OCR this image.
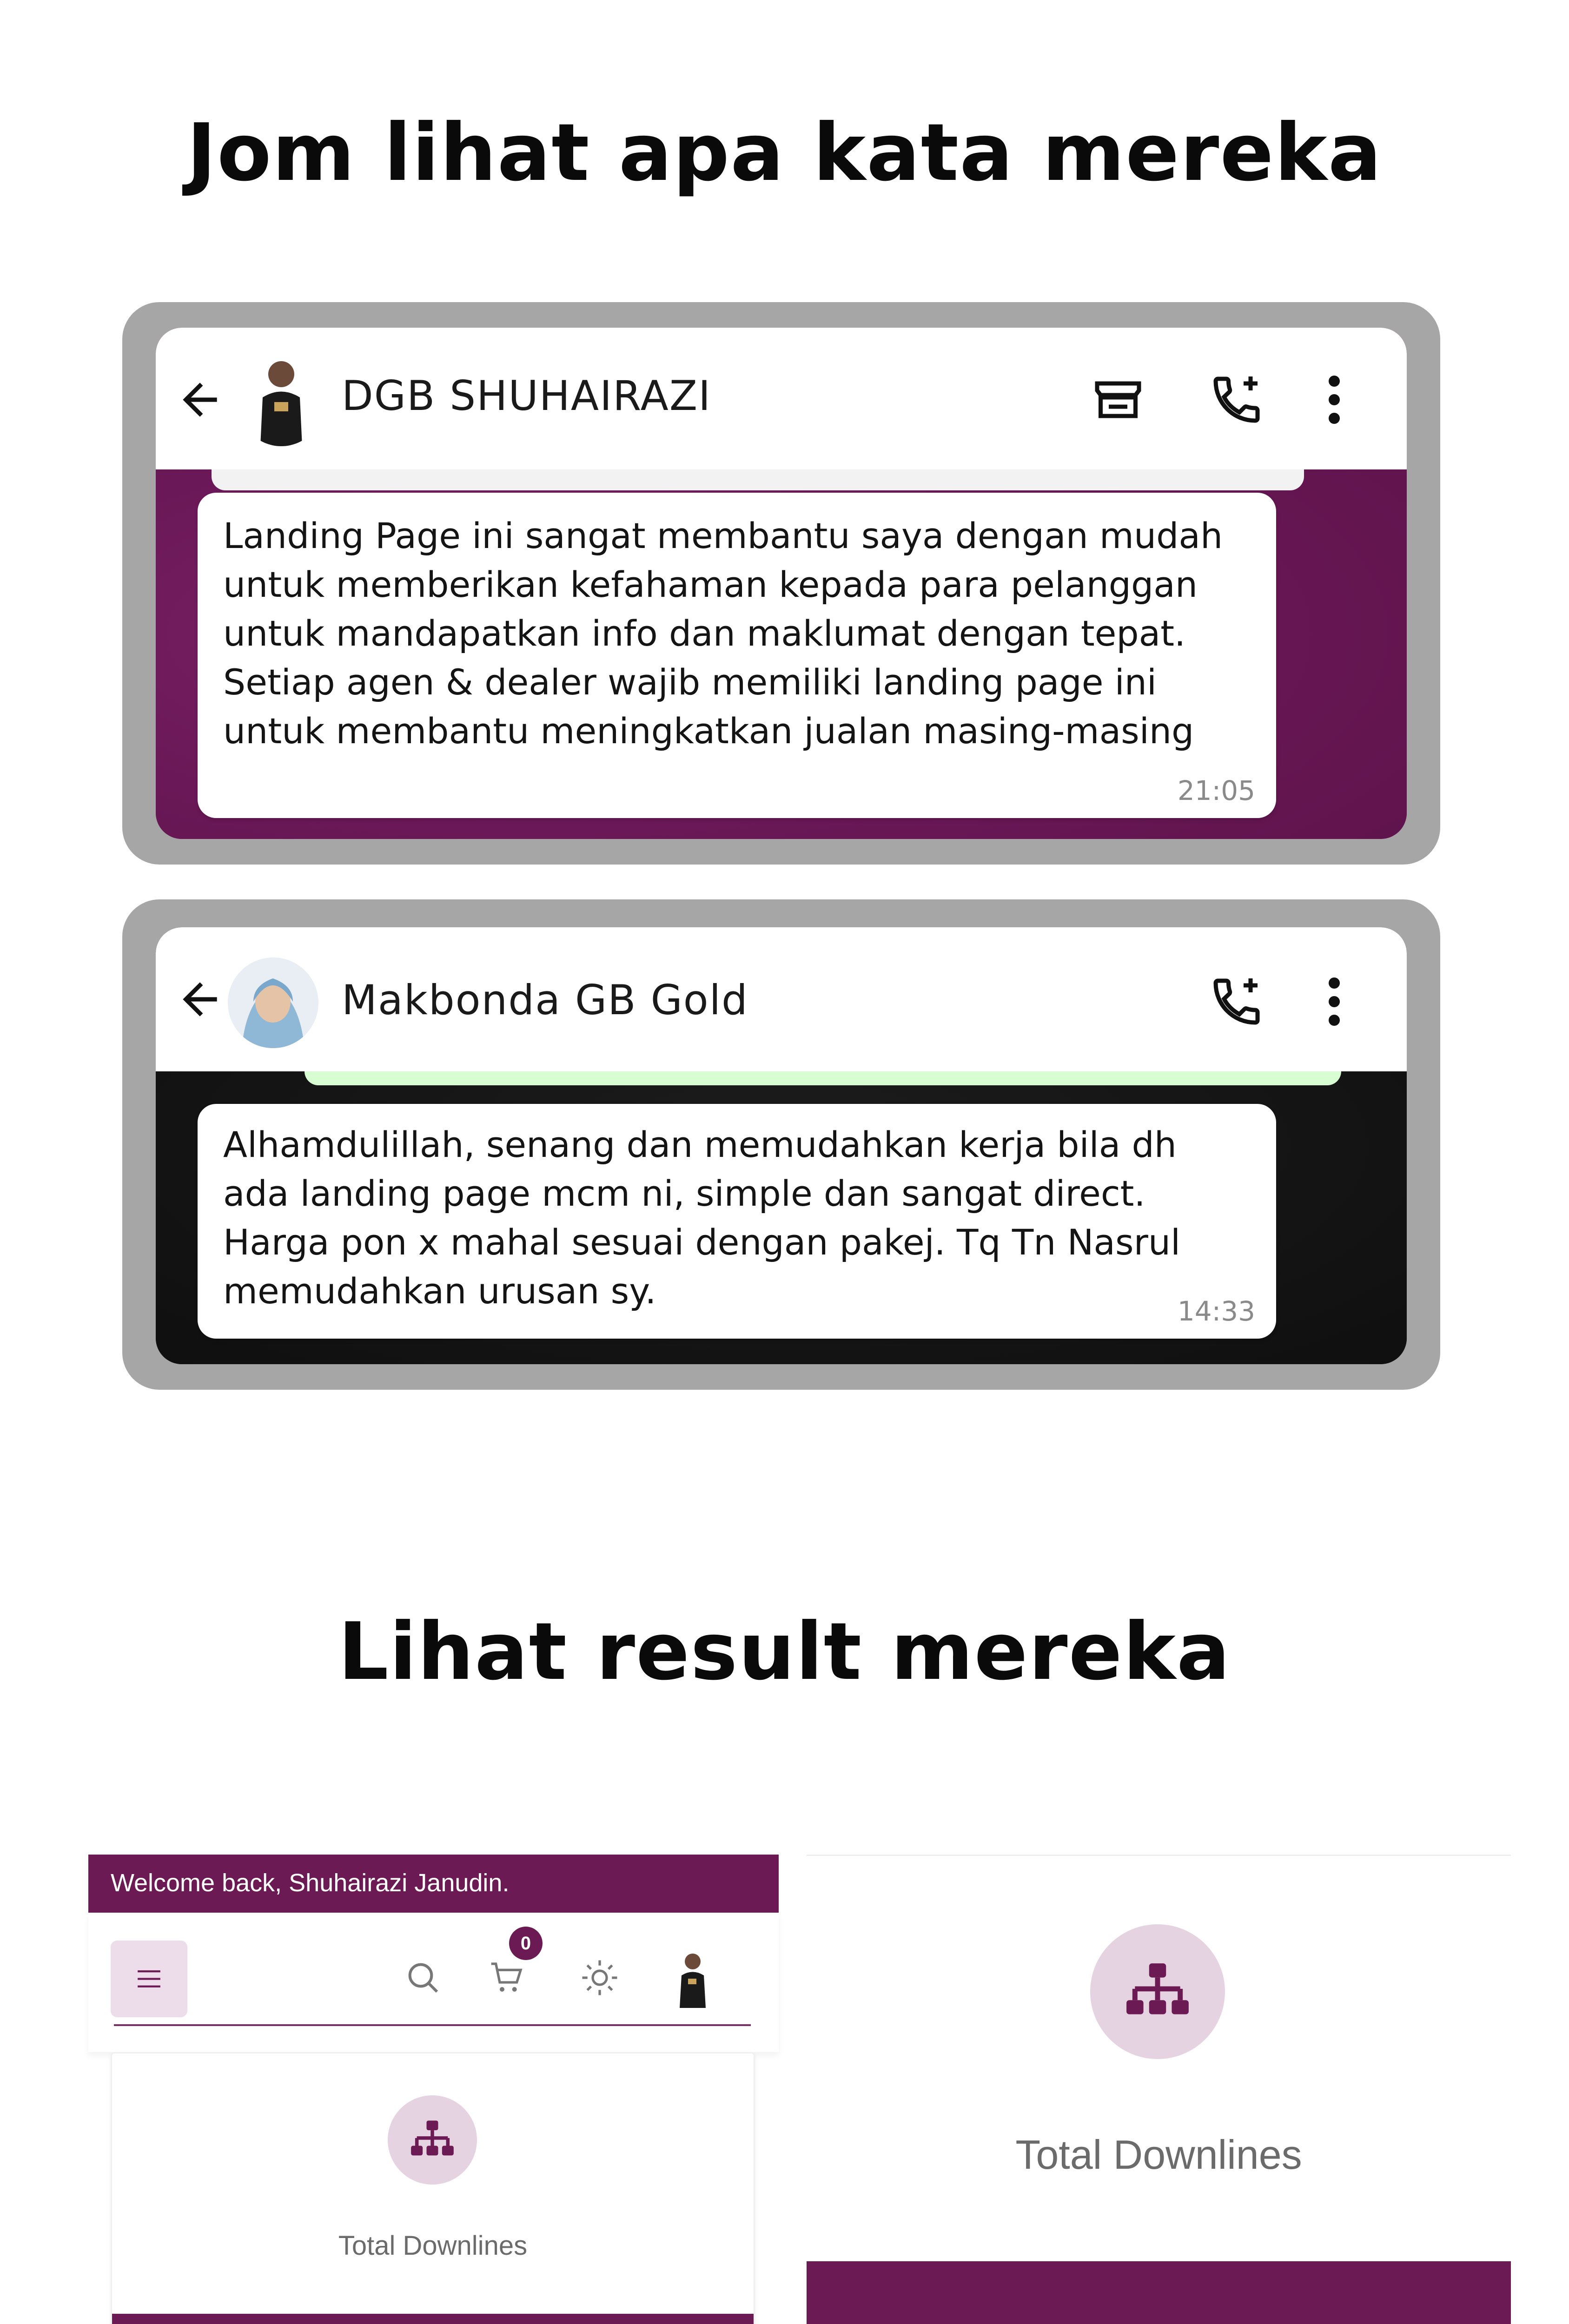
Jom lihat apa kata mereka
DGB SHUHAIRAZI
Landing Page ini sangat membantu saya dengan mudah
untuk memberikan kefahaman kepada para pelanggan
untuk mandapatkan info dan maklumat dengan tepat.
Setiap agen & dealer wajib memiliki landing page ini
untuk membantu meningkatkan jualan masing-masing
21:05
Makbonda GB Gold
Alhamdulillah, senang dan memudahkan kerja bila dh
ada landing page mcm ni, simple dan sangat direct.
Harga pon x mahal sesuai dengan pakej. Tq Tn Nasrul
memudahkan urusan sy.	14:33
Lihat result mereka
Welcome back, Shuhairazi Janudin.
0
Total Downlines
Total Downlines
